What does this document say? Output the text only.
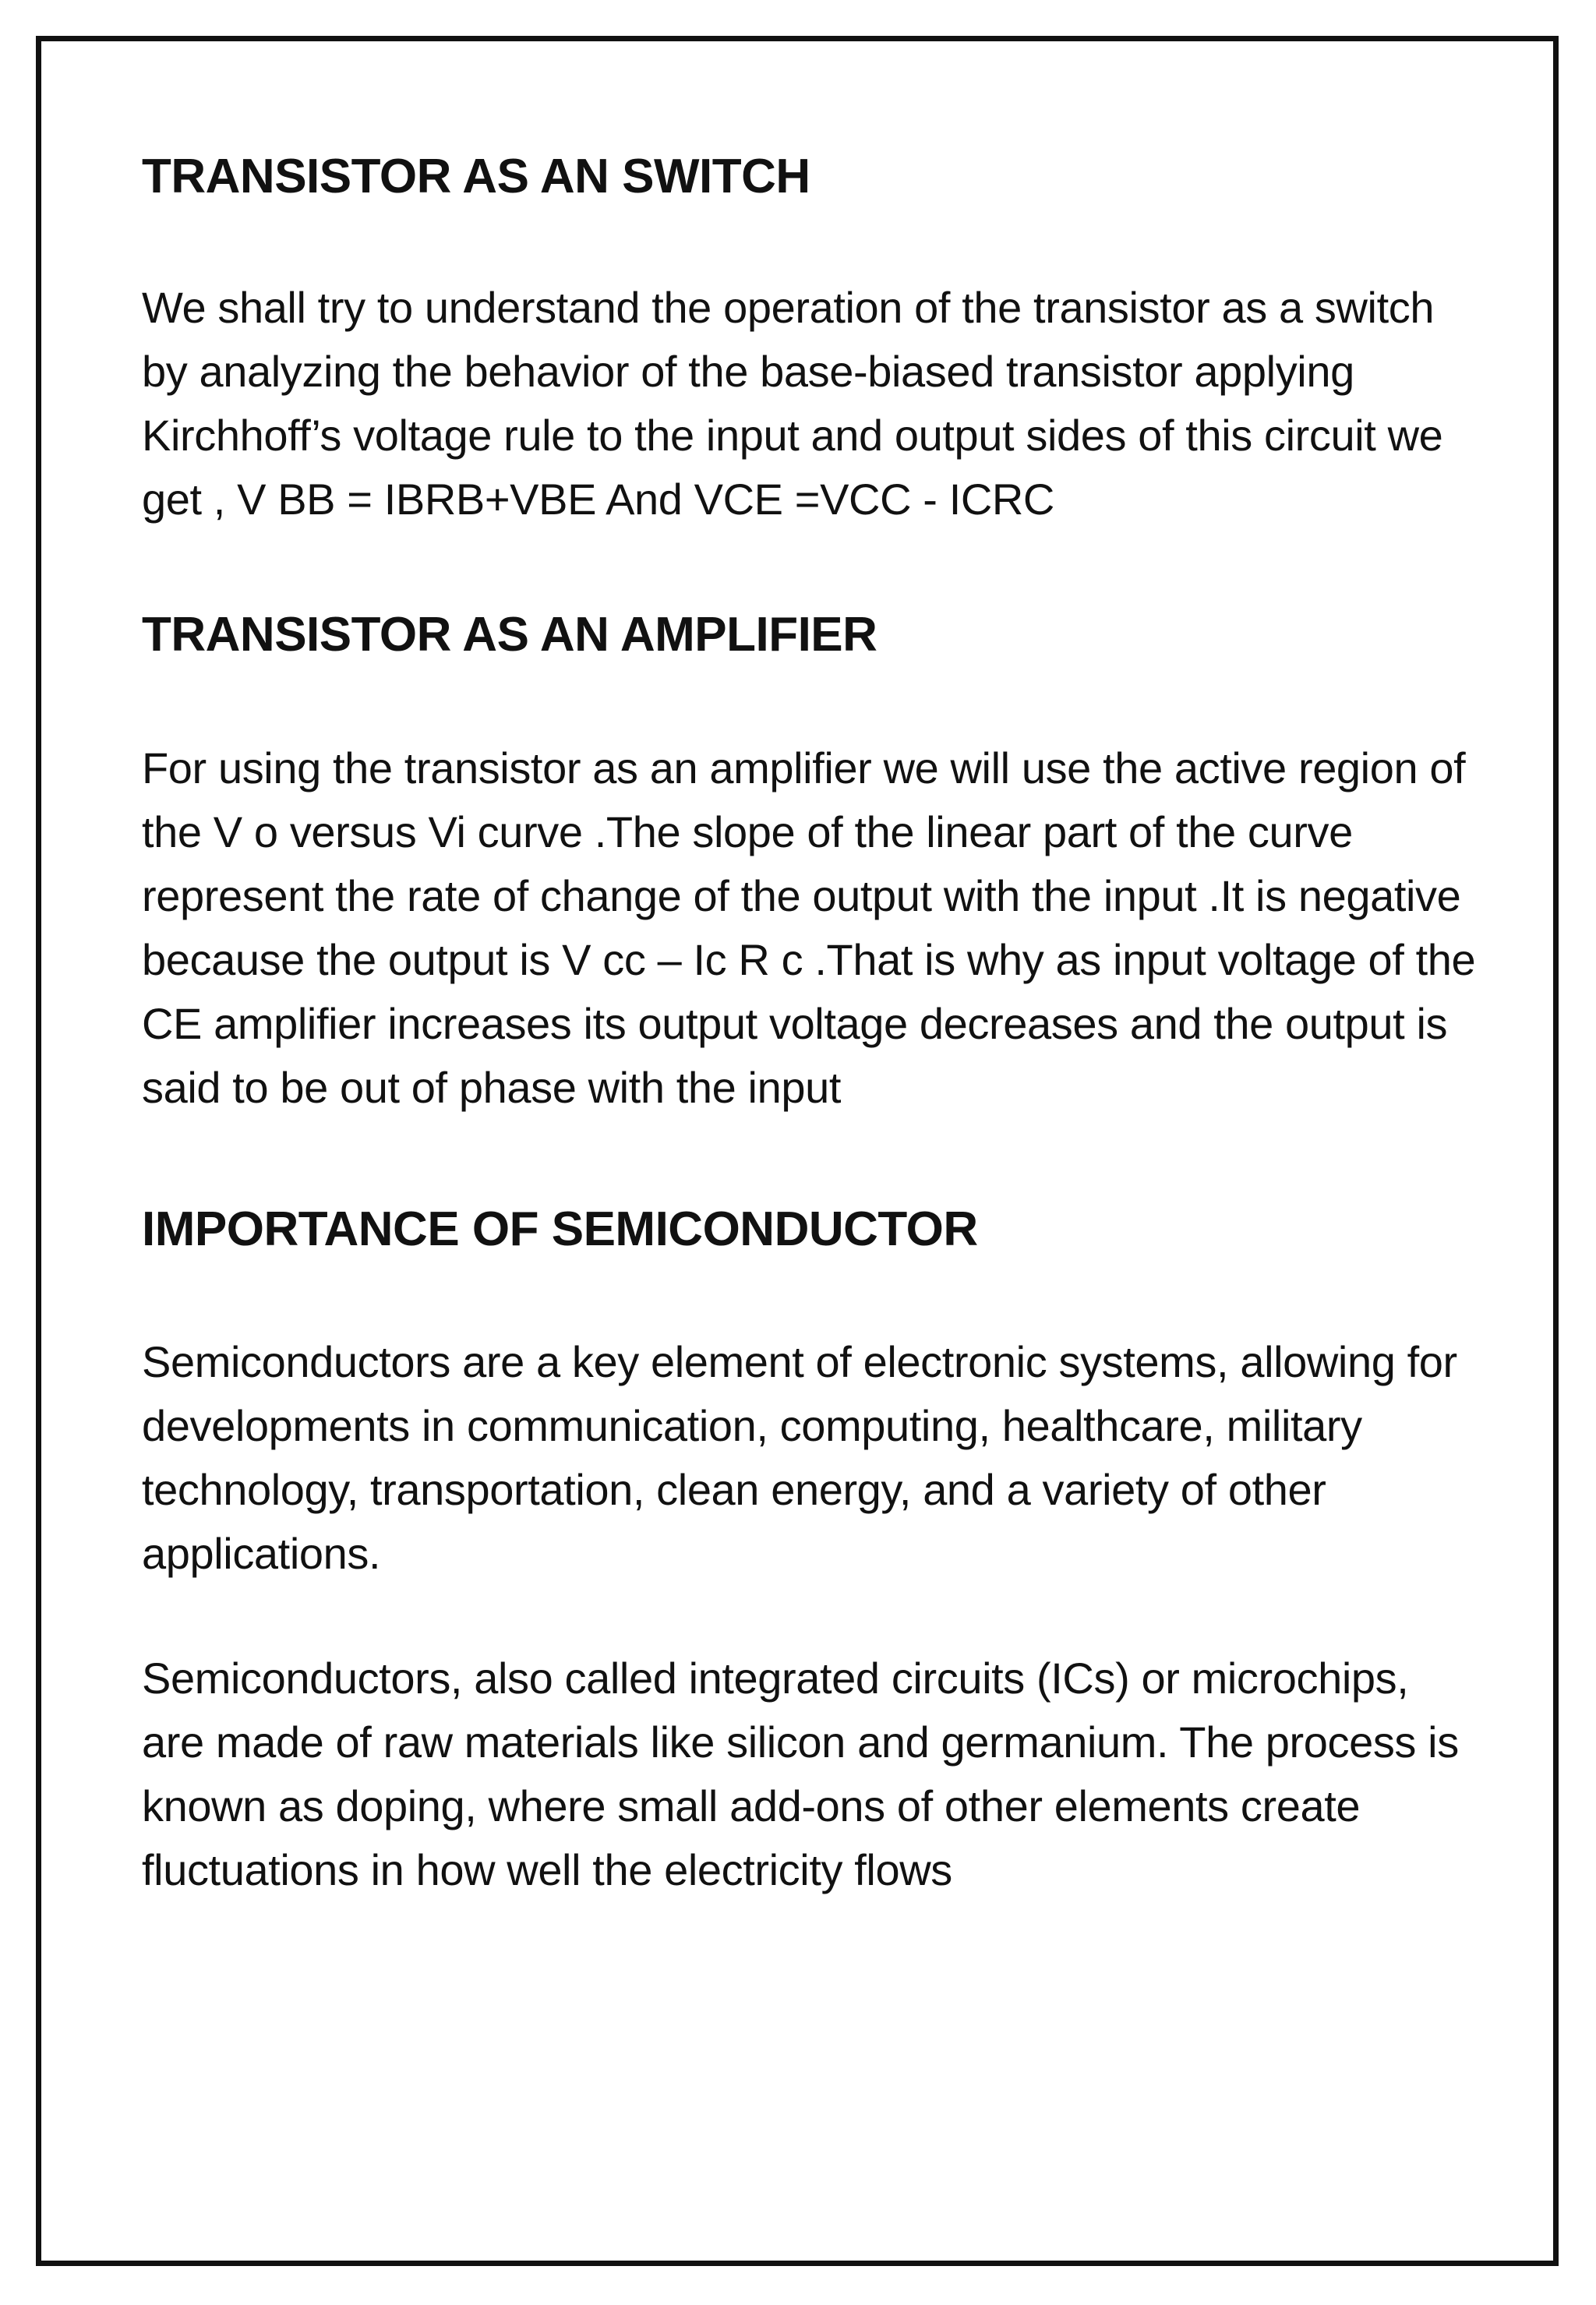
TRANSISTOR AS AN SWITCH

We shall try to understand the operation of the transistor as a switch by analyzing the behavior of the base-biased transistor applying Kirchhoff’s voltage rule to the input and output sides of this circuit we get , V BB = IBRB+VBE And VCE =VCC - ICRC

TRANSISTOR AS AN AMPLIFIER

For using the transistor as an amplifier we will use the active region of the V o versus Vi curve .The slope of the linear part of the curve represent the rate of change of the output with the input .It is negative because the output is V cc – Ic R c .That is why as input voltage of the CE amplifier increases its output voltage decreases and the output is said to be out of phase with the input

IMPORTANCE OF SEMICONDUCTOR

Semiconductors are a key element of electronic systems, allowing for developments in communication, computing, healthcare, military technology, transportation, clean energy, and a variety of other applications.

Semiconductors, also called integrated circuits (ICs) or microchips, are made of raw materials like silicon and germanium. The process is known as doping, where small add-ons of other elements create fluctuations in how well the electricity flows
